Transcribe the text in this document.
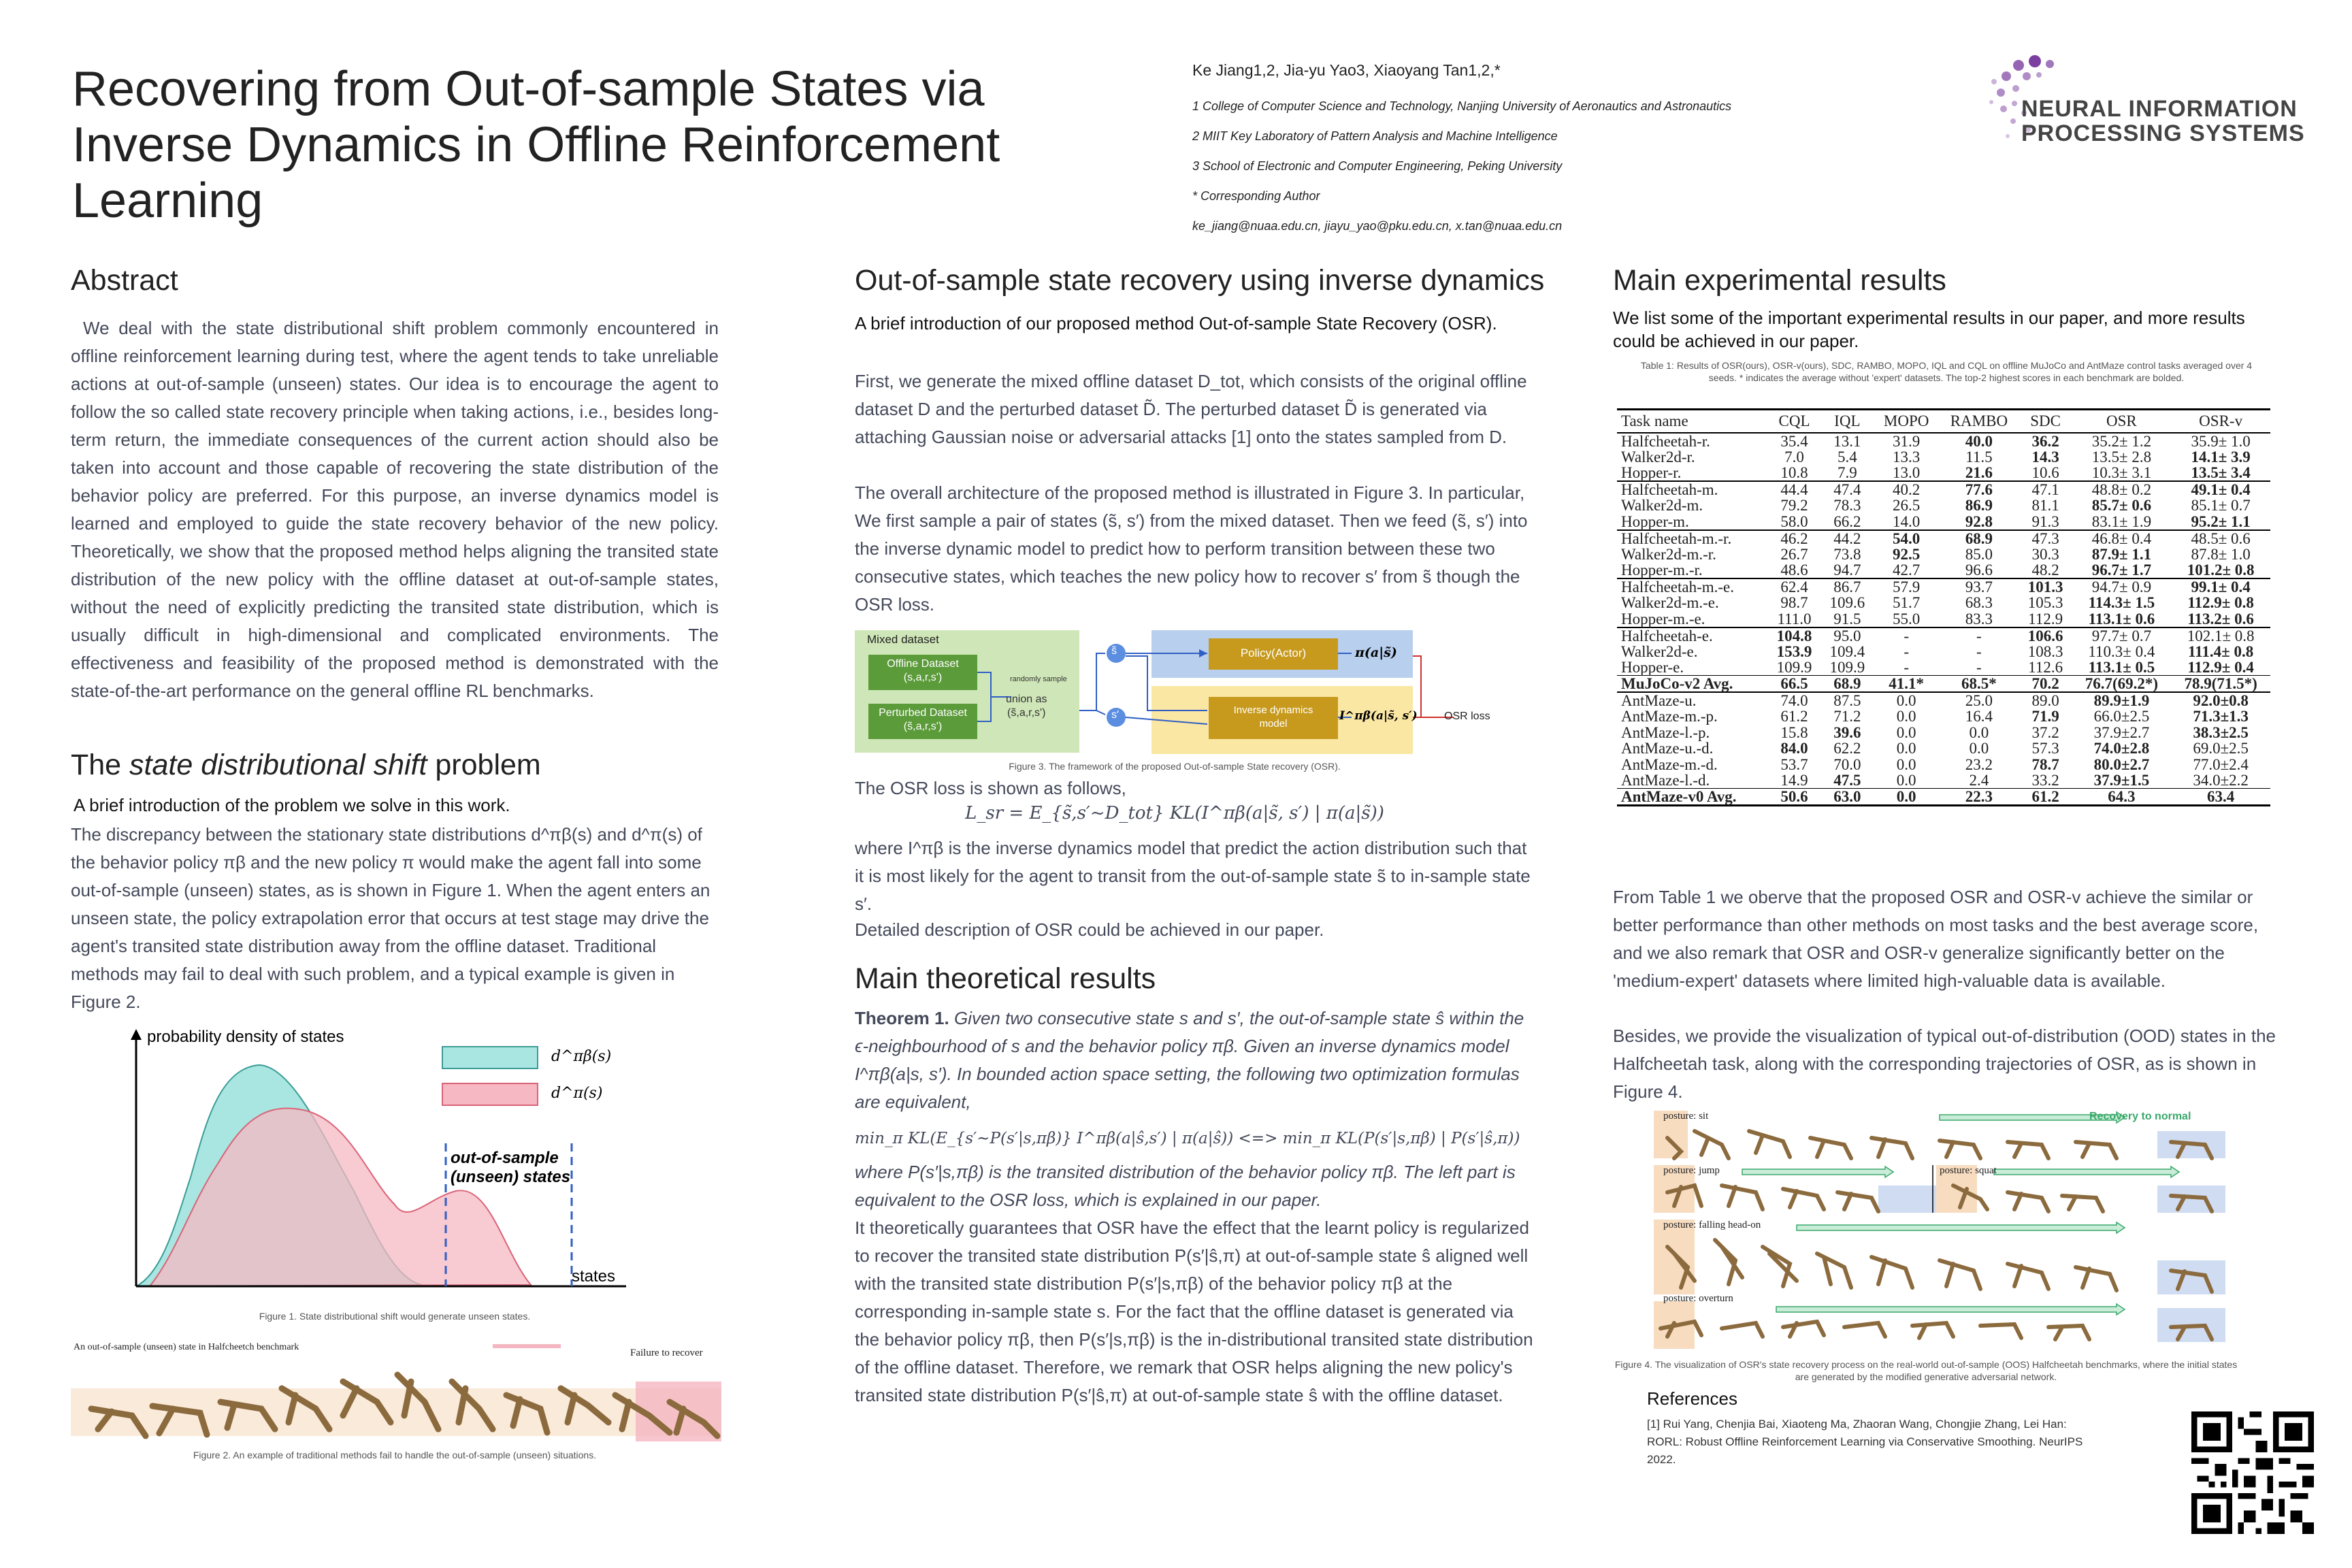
Recovering from Out-of-sample States via
Inverse Dynamics in Offline Reinforcement
Learning
Ke Jiang1,2, Jia-yu Yao3, Xiaoyang Tan1,2,*
1 College of Computer Science and Technology, Nanjing University of Aeronautics and Astronautics
2 MIIT Key Laboratory of Pattern Analysis and Machine Intelligence
3 School of Electronic and Computer Engineering, Peking University
* Corresponding Author
ke_jiang@nuaa.edu.cn, jiayu_yao@pku.edu.cn, x.tan@nuaa.edu.cn
NEURAL INFORMATION
PROCESSING SYSTEMS
Abstract
We deal with the state distributional shift problem commonly encountered in offline reinforcement learning during test, where the agent tends to take unreliable actions at out-of-sample (unseen) states. Our idea is to encourage the agent to follow the so called state recovery principle when taking actions, i.e., besides long-term return, the immediate consequences of the current action should also be taken into account and those capable of recovering the state distribution of the behavior policy are preferred. For this purpose, an inverse dynamics model is learned and employed to guide the state recovery behavior of the new policy. Theoretically, we show that the proposed method helps aligning the transited state distribution of the new policy with the offline dataset at out-of-sample states, without the need of explicitly predicting the transited state distribution, which is usually difficult in high-dimensional and complicated environments. The effectiveness and feasibility of the proposed method is demonstrated with the state-of-the-art performance on the general offline RL benchmarks.
The state distributional shift problem
A brief introduction of the problem we solve in this work.
The discrepancy between the stationary state distributions d^πβ(s) and d^π(s) of the behavior policy πβ and the new policy π would make the agent fall into some out-of-sample (unseen) states, as is shown in Figure 1. When the agent enters an unseen state, the policy extrapolation error that occurs at test stage may drive the agent's transited state distribution away from the offline dataset. Traditional methods may fail to deal with such problem, and a typical example is given in Figure 2.
probability density of states
states
d^πβ(s)
d^π(s)
out-of-sample
(unseen) states
Figure 1. State distributional shift would generate unseen states.
An out-of-sample (unseen) state in Halfcheetch benchmark
Failure to recover
Figure 2. An example of traditional methods fail to handle the out-of-sample (unseen) situations.
Out-of-sample state recovery using inverse dynamics
A brief introduction of our proposed method Out-of-sample State Recovery (OSR).
First, we generate the mixed offline dataset D_tot, which consists of the original offline dataset D and the perturbed dataset D̃. The perturbed dataset D̃ is generated via attaching Gaussian noise or adversarial attacks [1] onto the states sampled from D.
The overall architecture of the proposed method is illustrated in Figure 3. In particular, We first sample a pair of states (s̃, s′) from the mixed dataset. Then we feed (s̃, s′) into the inverse dynamic model to predict how to perform transition between these two consecutive states, which teaches the new policy how to recover s′ from s̃ though the OSR loss.
Mixed dataset
Offline Dataset
(s,a,r,s')
Perturbed Dataset
(s̃,a,r,s')
randomly sample
union as
(s̃,a,r,s')
s̃
s′
Policy(Actor)
Inverse dynamics model
π(a|s̃)
I^πβ(a|s̃, s′) OSR loss
Figure 3. The framework of the proposed Out-of-sample State recovery (OSR).
The OSR loss is shown as follows,
L_sr = E_{s̃,s′~D_tot} KL(I^πβ(a|s̃, s′) | π(a|s̃))
where I^πβ is the inverse dynamics model that predict the action distribution such that it is most likely for the agent to transit from the out-of-sample state s̃ to in-sample state s′.
Detailed description of OSR could be achieved in our paper.
Main theoretical results
Theorem 1. Given two consecutive state s and s′, the out-of-sample state ŝ within the ϵ-neighbourhood of s and the behavior policy πβ. Given an inverse dynamics model I^πβ(a|s, s′). In bounded action space setting, the following two optimization formulas are equivalent,
min_π KL(E_{s′~P(s′|s,πβ)} I^πβ(a|ŝ,s′) | π(a|ŝ)) <=> min_π KL(P(s′|s,πβ) | P(s′|ŝ,π))
where P(s′|s,πβ) is the transited distribution of the behavior policy πβ. The left part is equivalent to the OSR loss, which is explained in our paper.
It theoretically guarantees that OSR have the effect that the learnt policy is regularized to recover the transited state distribution P(s′|ŝ,π) at out-of-sample state ŝ aligned well with the transited state distribution P(s′|s,πβ) of the behavior policy πβ at the corresponding in-sample state s. For the fact that the offline dataset is generated via the behavior policy πβ, then P(s′|s,πβ) is the in-distributional transited state distribution of the offline dataset. Therefore, we remark that OSR helps aligning the new policy's transited state distribution P(s′|ŝ,π) at out-of-sample state ŝ with the offline dataset.
Main experimental results
We list some of the important experimental results in our paper, and more results could be achieved in our paper.
Table 1: Results of OSR(ours), OSR-v(ours), SDC, RAMBO, MOPO, IQL and CQL on offline MuJoCo and AntMaze control tasks averaged over 4 seeds. * indicates the average without 'expert' datasets. The top-2 highest scores in each benchmark are bolded.
Task name	CQL	IQL	MOPO	RAMBO	SDC	OSR	OSR-v
Halfcheetah-r.	35.4	13.1	31.9	40.0	36.2	35.2± 1.2	35.9± 1.0
Walker2d-r.	7.0	5.4	13.3	11.5	14.3	13.5± 2.8	14.1± 3.9
Hopper-r.	10.8	7.9	13.0	21.6	10.6	10.3± 3.1	13.5± 3.4
Halfcheetah-m.	44.4	47.4	40.2	77.6	47.1	48.8± 0.2	49.1± 0.4
Walker2d-m.	79.2	78.3	26.5	86.9	81.1	85.7± 0.6	85.1± 0.7
Hopper-m.	58.0	66.2	14.0	92.8	91.3	83.1± 1.9	95.2± 1.1
Halfcheetah-m.-r.	46.2	44.2	54.0	68.9	47.3	46.8± 0.4	48.5± 0.6
Walker2d-m.-r.	26.7	73.8	92.5	85.0	30.3	87.9± 1.1	87.8± 1.0
Hopper-m.-r.	48.6	94.7	42.7	96.6	48.2	96.7± 1.7	101.2± 0.8
Halfcheetah-m.-e.	62.4	86.7	57.9	93.7	101.3	94.7± 0.9	99.1± 0.4
Walker2d-m.-e.	98.7	109.6	51.7	68.3	105.3	114.3± 1.5	112.9± 0.8
Hopper-m.-e.	111.0	91.5	55.0	83.3	112.9	113.1± 0.6	113.2± 0.6
Halfcheetah-e.	104.8	95.0	-	-	106.6	97.7± 0.7	102.1± 0.8
Walker2d-e.	153.9	109.4	-	-	108.3	110.3± 0.4	111.4± 0.8
Hopper-e.	109.9	109.9	-	-	112.6	113.1± 0.5	112.9± 0.4
MuJoCo-v2 Avg.	66.5	68.9	41.1*	68.5*	70.2	76.7(69.2*)	78.9(71.5*)
AntMaze-u.	74.0	87.5	0.0	25.0	89.0	89.9±1.9	92.0±0.8
AntMaze-m.-p.	61.2	71.2	0.0	16.4	71.9	66.0±2.5	71.3±1.3
AntMaze-l.-p.	15.8	39.6	0.0	0.0	37.2	37.9±2.7	38.3±2.5
AntMaze-u.-d.	84.0	62.2	0.0	0.0	57.3	74.0±2.8	69.0±2.5
AntMaze-m.-d.	53.7	70.0	0.0	23.2	78.7	80.0±2.7	77.0±2.4
AntMaze-l.-d.	14.9	47.5	0.0	2.4	33.2	37.9±1.5	34.0±2.2
AntMaze-v0 Avg.	50.6	63.0	0.0	22.3	61.2	64.3	63.4
From Table 1 we oberve that the proposed OSR and OSR-v achieve the similar or better performance than other methods on most tasks and the best average score, and we also remark that OSR and OSR-v generalize significantly better on the 'medium-expert' datasets where limited high-valuable data is available.
Besides, we provide the visualization of typical out-of-distribution (OOD) states in the Halfcheetah task, along with the corresponding trajectories of OSR, as is shown in Figure 4.
posture: sit
posture: jump	posture: squat
posture: falling head-on
posture: overturn
Recovery to normal
Figure 4. The visualization of OSR's state recovery process on the real-world out-of-sample (OOS) Halfcheetah benchmarks, where the initial states are generated by the modified generative adversarial network.
References
[1] Rui Yang, Chenjia Bai, Xiaoteng Ma, Zhaoran Wang, Chongjie Zhang, Lei Han: RORL: Robust Offline Reinforcement Learning via Conservative Smoothing. NeurIPS 2022.
